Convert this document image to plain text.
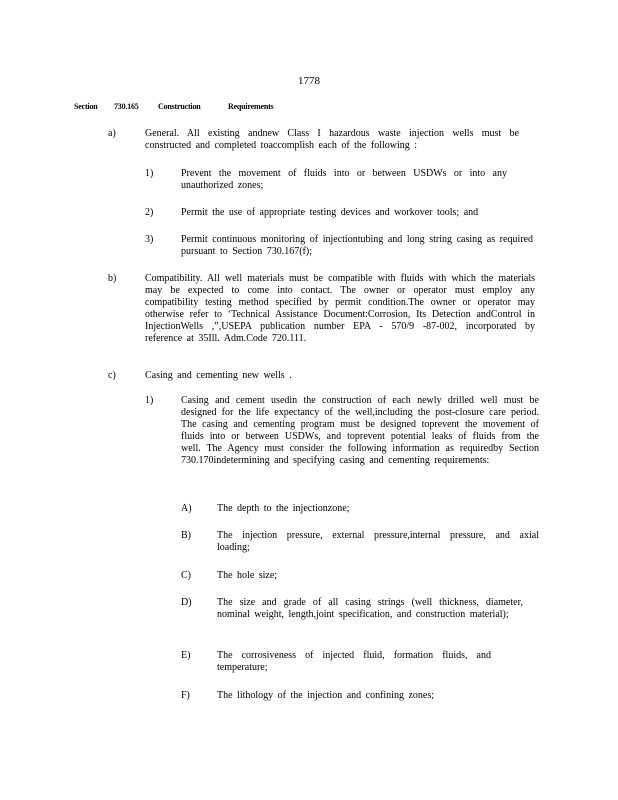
1778
Section 730.165 Construction	Requirements
a)	General. All existing andnew Class I hazardous waste injection wells must be constructed and completed toaccomplish each of the following :
1)	Prevent the movement of fluids into or between USDWs or into any unauthorized zones;
2)	Permit the use of appropriate testing devices and workover tools; and
3)	Permit continuous monitoring of injectiontubing and long string casing as required pursuant to Section 730.167(f);
b)	Compatibility. All well materials must be compatible with fluids with which the materials may be expected to come into contact. The owner or operator must employ any compatibility testing method specified by permit condition.The owner or operator may otherwise refer to ‘Technical Assistance Document:Corrosion, Its Detection andControl in InjectionWells ,”,USEPA publication number EPA - 570/9 -87-002, incorporated by reference at 35Ill. Adm.Code 720.111.
c)	Casing and cementing new wells .
1)	Casing and cement usedin the construction of each newly drilled well must be designed for the life expectancy of the well,including the post-closure care period. The casing and cementing program must be designed toprevent the movement of fluids into or between USDWs, and toprevent potential leaks of fluids from the well. The Agency must consider the following information as requiredby Section 730.170indetermining and specifying casing and cementing requirements:
A)	The depth to the injectionzone;
B)	The injection pressure, external pressure,internal pressure, and axial loading;
C)	The hole size;
D)	The size and grade of all casing strings (well thickness, diameter, nominal weight, length,joint specification, and construction material);
E)	The corrosiveness of injected fluid, formation fluids, and temperature;
F)	The lithology of the injection and confining zones;
